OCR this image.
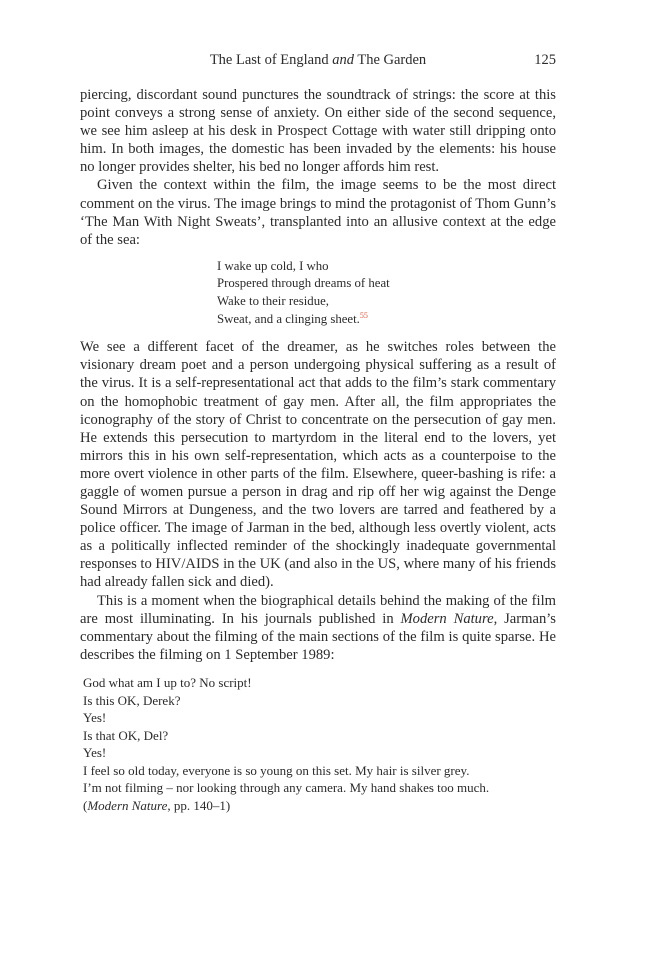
The Last of England and The Garden	125

piercing, discordant sound punctures the soundtrack of strings: the score at this point conveys a strong sense of anxiety. On either side of the second sequence, we see him asleep at his desk in Prospect Cottage with water still dripping onto him. In both images, the domestic has been invaded by the elements: his house no longer provides shelter, his bed no longer affords him rest.

Given the context within the film, the image seems to be the most direct comment on the virus. The image brings to mind the protagonist of Thom Gunn’s ‘The Man With Night Sweats’, transplanted into an allusive context at the edge of the sea:

I wake up cold, I who
Prospered through dreams of heat
Wake to their residue,
Sweat, and a clinging sheet.$^{55}$

We see a different facet of the dreamer, as he switches roles between the visionary dream poet and a person undergoing physical suffering as a result of the virus. It is a self-representational act that adds to the film’s stark commentary on the homophobic treatment of gay men. After all, the film appropriates the iconography of the story of Christ to concentrate on the persecution of gay men. He extends this persecution to martyrdom in the literal end to the lovers, yet mirrors this in his own self-representation, which acts as a counterpoise to the more overt violence in other parts of the film. Elsewhere, queer-bashing is rife: a gaggle of women pursue a person in drag and rip off her wig against the Denge Sound Mirrors at Dungeness, and the two lovers are tarred and feathered by a police officer. The image of Jarman in the bed, although less overtly violent, acts as a politically inflected reminder of the shockingly inadequate governmental responses to HIV/AIDS in the UK (and also in the US, where many of his friends had already fallen sick and died).

This is a moment when the biographical details behind the making of the film are most illuminating. In his journals published in Modern Nature, Jarman’s commentary about the filming of the main sections of the film is quite sparse. He describes the filming on 1 September 1989:

God what am I up to? No script!
Is this OK, Derek?
Yes!
Is that OK, Del?
Yes!
I feel so old today, everyone is so young on this set. My hair is silver grey.
I’m not filming – nor looking through any camera. My hand shakes too much.
(Modern Nature, pp. 140–1)
